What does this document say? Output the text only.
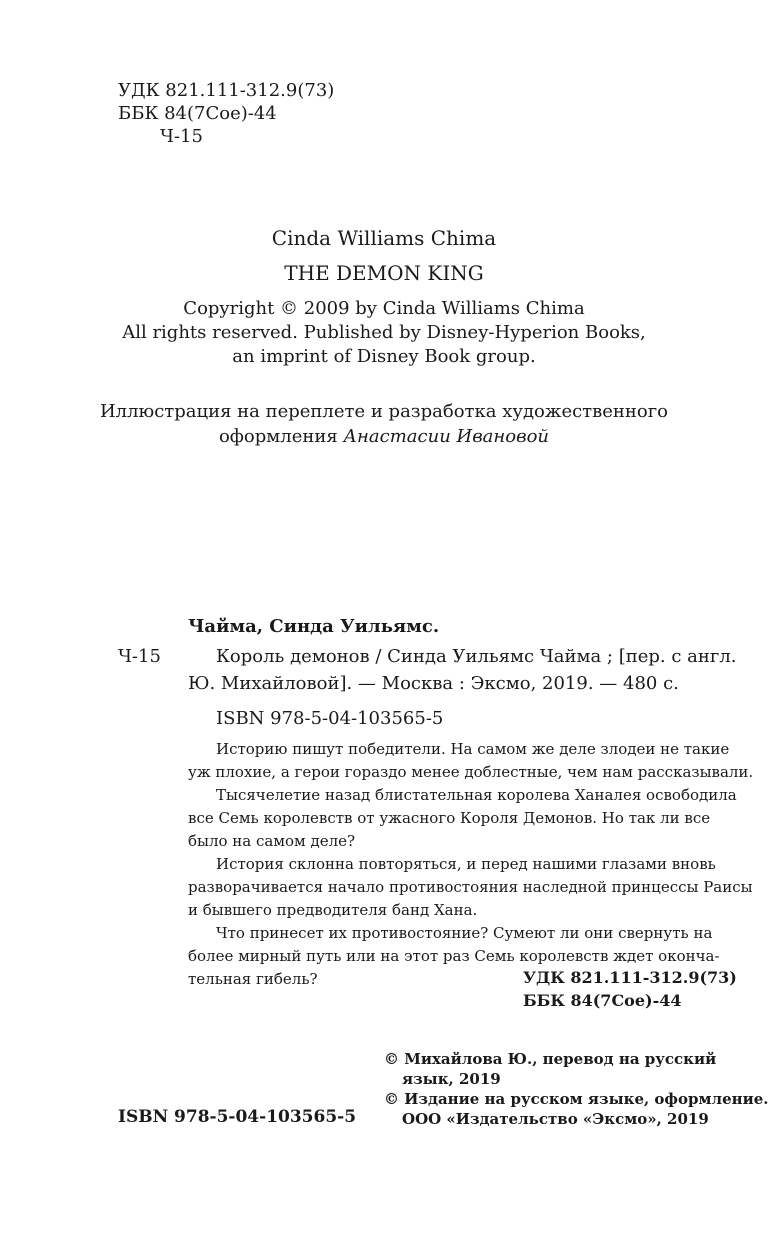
УДК 821.111-312.9(73)
ББК 84(7Сое)-44
Ч-15
Cinda Williams Chima
THE DEMON KING
Copyright © 2009 by Cinda Williams Chima
All rights reserved. Published by Disney-Hyperion Books,
an imprint of Disney Book group.
Иллюстрация на переплете и разработка художественного
оформления Анастасии Ивановой
Чайма, Синда Уильямс.
Ч-15	Король демонов / Синда Уильямс Чайма ; [пер. с англ.
Ю. Михайловой]. — Москва : Эксмо, 2019. — 480 с.
ISBN 978-5-04-103565-5
Историю пишут победители. На самом же деле злодеи не такие
уж плохие, а герои гораздо менее доблестные, чем нам рассказывали.
Тысячелетие назад блистательная королева Ханалея освободила
все Семь королевств от ужасного Короля Демонов. Но так ли все
было на самом деле?
История склонна повторяться, и перед нашими глазами вновь
разворачивается начало противостояния наследной принцессы Раисы
и бывшего предводителя банд Хана.
Что принесет их противостояние? Сумеют ли они свернуть на
более мирный путь или на этот раз Семь королевств ждет оконча-
тельная гибель?	УДК 821.111-312.9(73)
ББК 84(7Сое)-44
© Михайлова Ю., перевод на русский
язык, 2019
© Издание на русском языке, оформление.
ООО «Издательство «Эксмо», 2019
ISBN 978-5-04-103565-5
